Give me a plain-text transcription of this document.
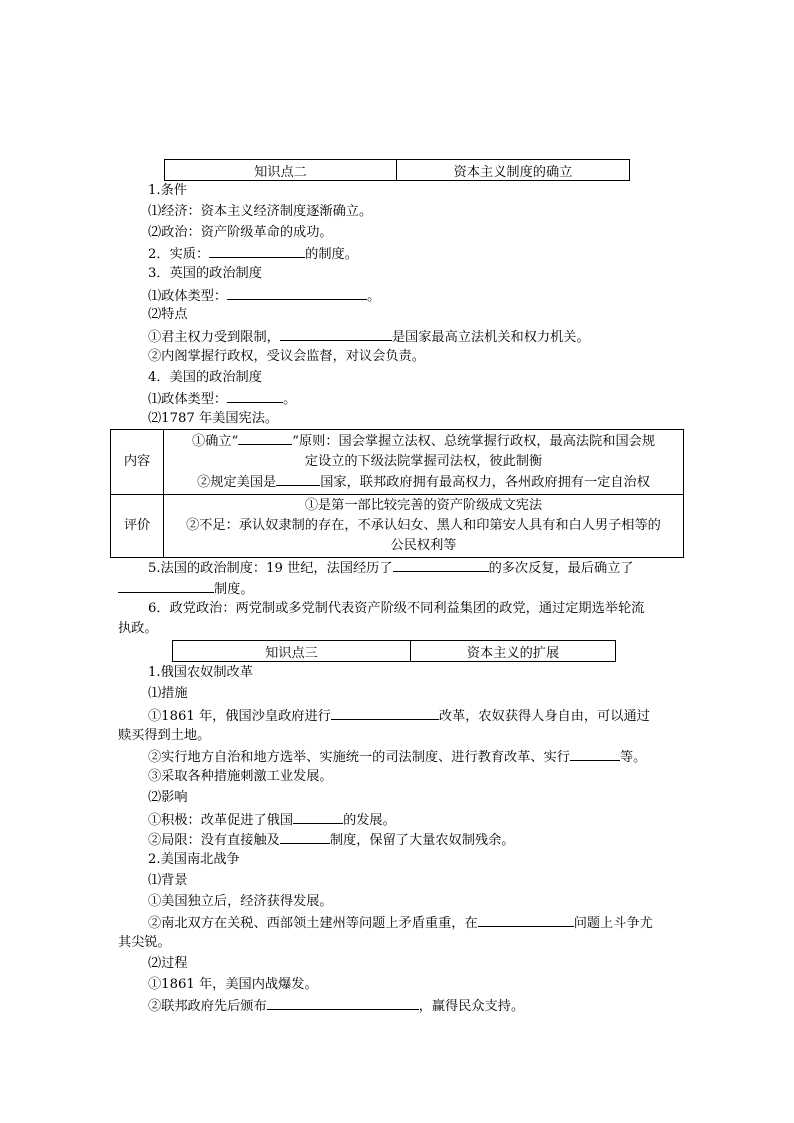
知识点二	资本主义制度的确立
1.条件
⑴经济：资本主义经济制度逐渐确立。
⑵政治：资产阶级革命的成功。
2．实质：	的制度。
3．英国的政治制度
⑴政体类型：	。
⑵特点
①君主权力受到限制，	是国家最高立法机关和权力机关。
②内阁掌握行政权，受议会监督，对议会负责。
4．美国的政治制度
⑴政体类型：	。
⑵1787 年美国宪法。
内容	①确立“ ”原则：国会掌握立法权、总统掌握行政权，最高法院和国会规
定设立的下级法院掌握司法权，彼此制衡
②规定美国是 国家，联邦政府拥有最高权力，各州政府拥有一定自治权

评价	①是第一部比较完善的资产阶级成文宪法
②不足：承认奴隶制的存在，不承认妇女、黑人和印第安人具有和白人男子相等的
公民权利等
5.法国的政治制度：19 世纪，法国经历了	的多次反复，最后确立了
制度。
6．政党政治：两党制或多党制代表资产阶级不同利益集团的政党，通过定期选举轮流
执政。
知识点三	资本主义的扩展
1.俄国农奴制改革
⑴措施
①1861 年，俄国沙皇政府进行	改革，农奴获得人身自由，可以通过
赎买得到土地。
②实行地方自治和地方选举、实施统一的司法制度、进行教育改革、实行	等。
③采取各种措施刺激工业发展。
⑵影响
①积极：改革促进了俄国	的发展。
②局限：没有直接触及	制度，保留了大量农奴制残余。
2.美国南北战争
⑴背景
①美国独立后，经济获得发展。
②南北双方在关税、西部领土建州等问题上矛盾重重，在	问题上斗争尤
其尖锐。
⑵过程
①1861 年，美国内战爆发。
②联邦政府先后颁布	，赢得民众支持。
